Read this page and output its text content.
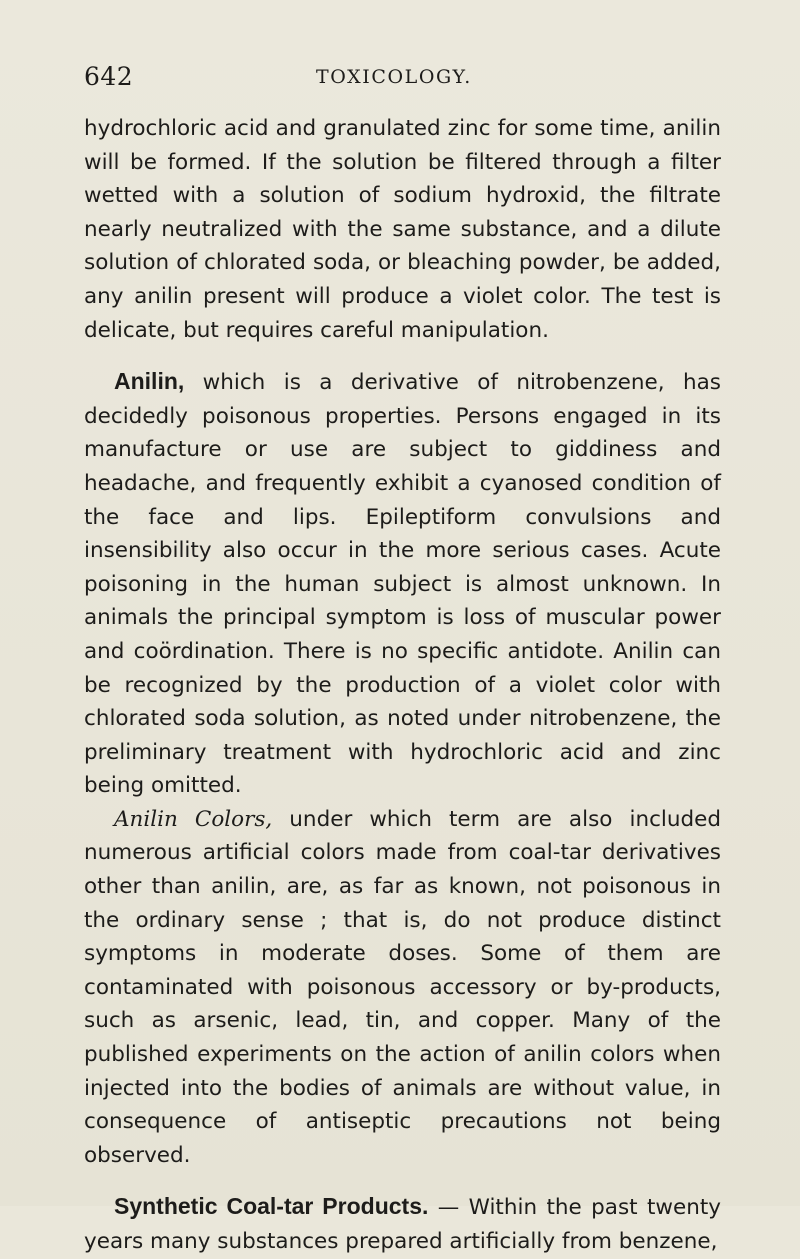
642	TOXICOLOGY.

hydrochloric acid and granulated zinc for some time, anilin will be formed. If the solution be filtered through a filter wetted with a solution of sodium hydroxid, the filtrate nearly neutralized with the same substance, and a dilute solution of chlorated soda, or bleaching powder, be added, any anilin present will produce a violet color. The test is delicate, but requires careful manipulation.

Anilin, which is a derivative of nitrobenzene, has decidedly poisonous properties. Persons engaged in its manufacture or use are subject to giddiness and headache, and frequently exhibit a cyanosed condition of the face and lips. Epileptiform convulsions and insensibility also occur in the more serious cases. Acute poisoning in the human subject is almost unknown. In animals the principal symptom is loss of muscular power and coördination. There is no specific antidote. Anilin can be recognized by the production of a violet color with chlorated soda solution, as noted under nitrobenzene, the preliminary treatment with hydrochloric acid and zinc being omitted.

Anilin Colors, under which term are also included numerous artificial colors made from coal-tar derivatives other than anilin, are, as far as known, not poisonous in the ordinary sense ; that is, do not produce distinct symptoms in moderate doses. Some of them are contaminated with poisonous accessory or by-products, such as arsenic, lead, tin, and copper. Many of the published experiments on the action of anilin colors when injected into the bodies of animals are without value, in consequence of antiseptic precautions not being observed.

Synthetic Coal-tar Products. — Within the past twenty years many substances prepared artificially from benzene,
